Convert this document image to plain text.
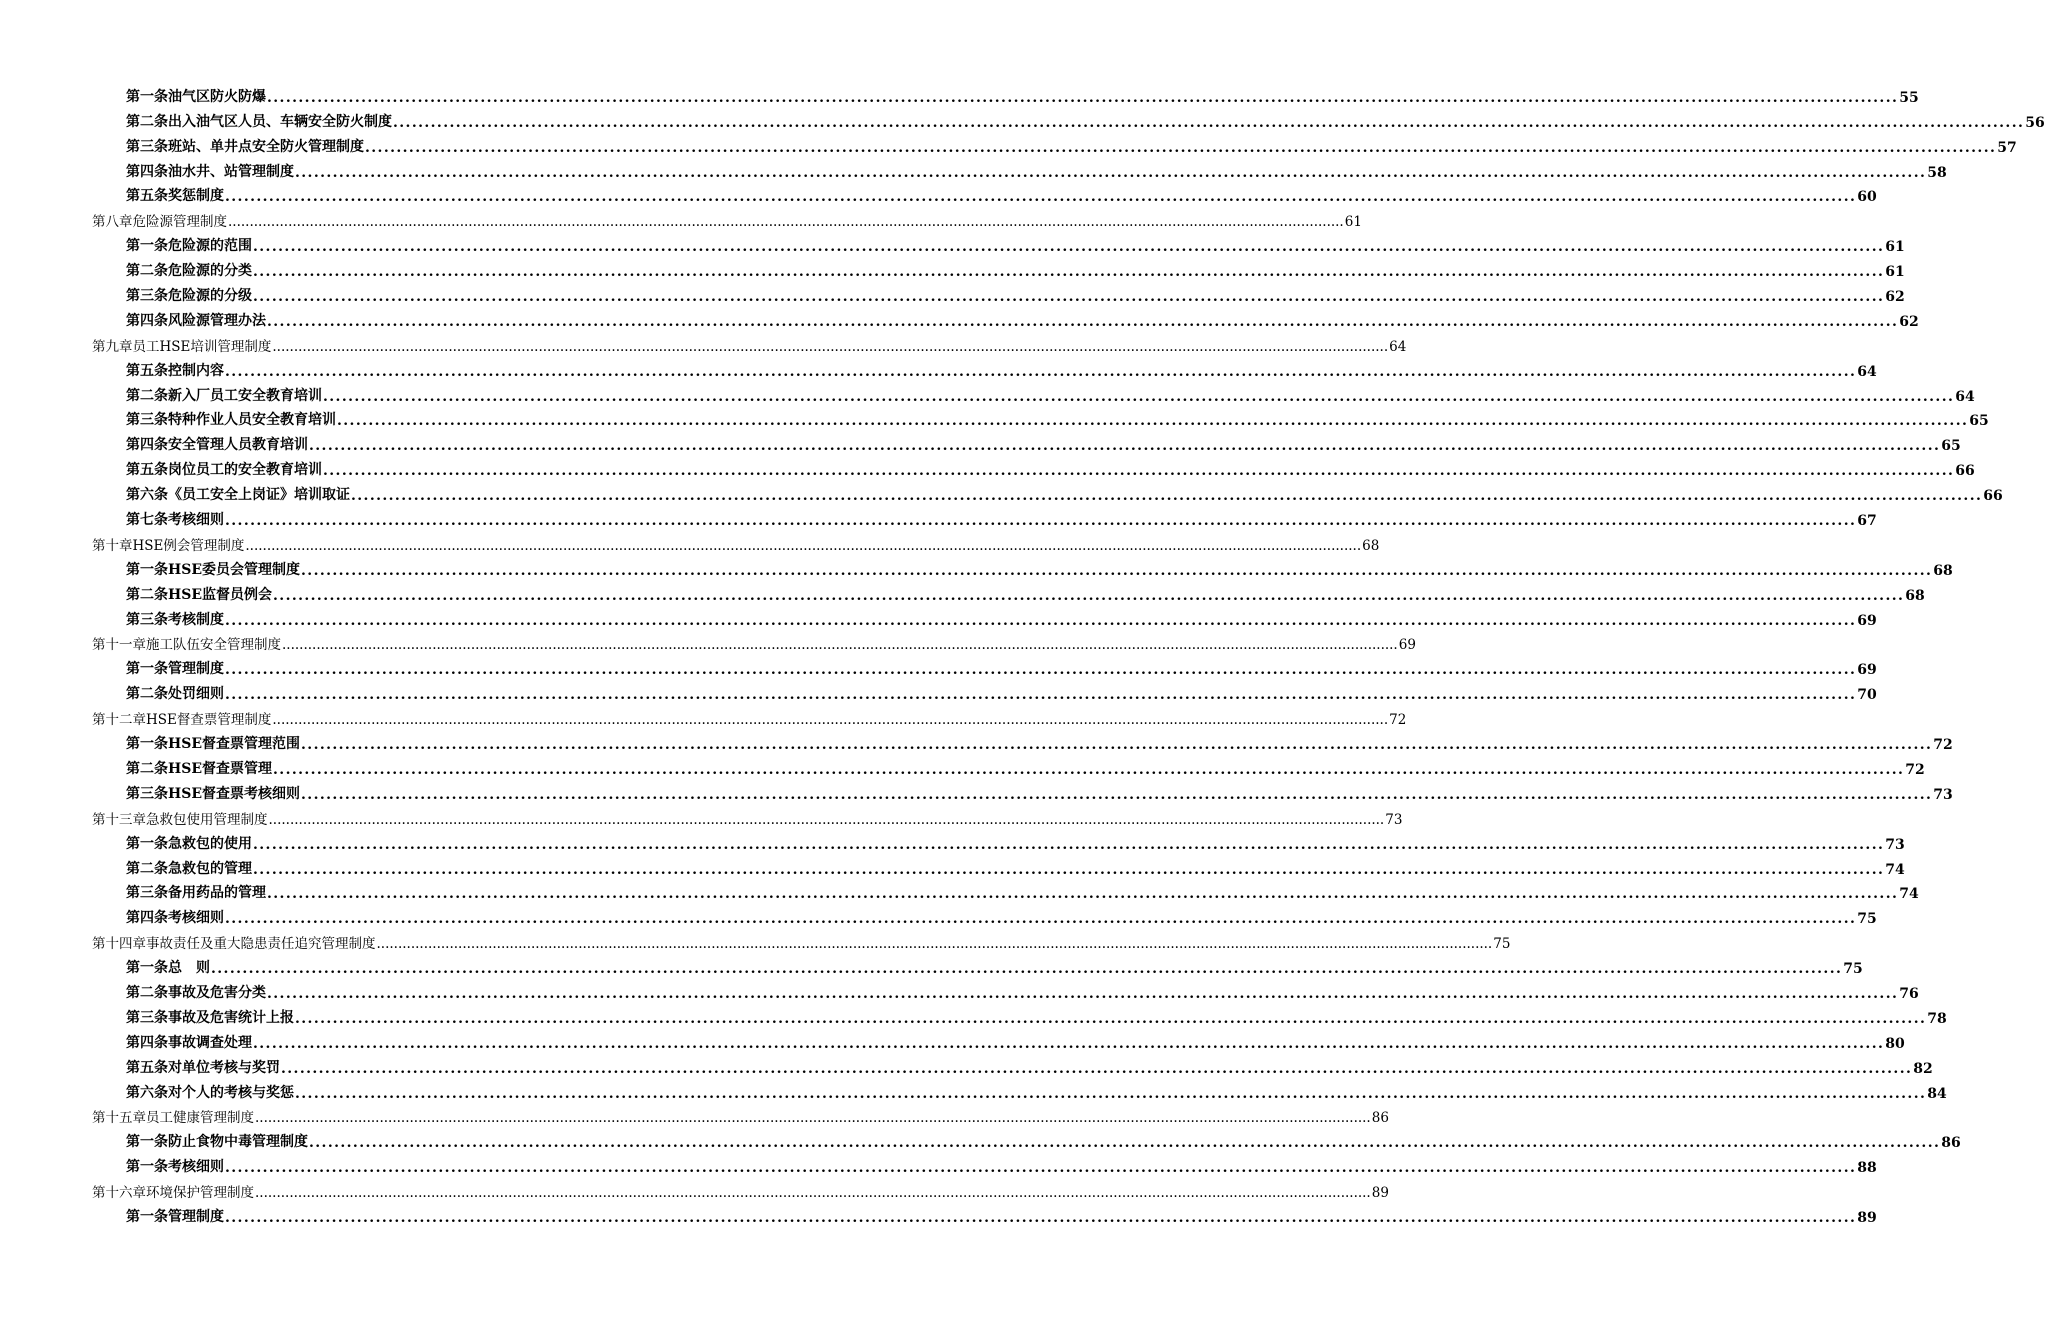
第一条 油气区防火防爆 .................................................................................................................................................................................................................................................................... 55
第二条 出入油气区人员、车辆安全防火制度 .................................................................................................................................................................................................................................................................... 56
第三条 班站、单井点安全防火管理制度 .................................................................................................................................................................................................................................................................... 57
第四条 油水井、站管理制度 .................................................................................................................................................................................................................................................................... 58
第五条 奖惩制度 .................................................................................................................................................................................................................................................................... 60
第八章 危险源管理制度 .................................................................................................................................................................................................................................................................... 61
第一条 危险源的范围 .................................................................................................................................................................................................................................................................... 61
第二条 危险源的分类 .................................................................................................................................................................................................................................................................... 61
第三条 危险源的分级 .................................................................................................................................................................................................................................................................... 62
第四条 风险源管理办法 .................................................................................................................................................................................................................................................................... 62
第九章 员工HSE培训管理制度 .................................................................................................................................................................................................................................................................... 64
第五条 控制内容 .................................................................................................................................................................................................................................................................... 64
第二条 新入厂员工安全教育培训 .................................................................................................................................................................................................................................................................... 64
第三条 特种作业人员安全教育培训 .................................................................................................................................................................................................................................................................... 65
第四条 安全管理人员教育培训 .................................................................................................................................................................................................................................................................... 65
第五条 岗位员工的安全教育培训 .................................................................................................................................................................................................................................................................... 66
第六条 《员工安全上岗证》培训取证 .................................................................................................................................................................................................................................................................... 66
第七条 考核细则 .................................................................................................................................................................................................................................................................... 67
第十章 HSE例会管理制度 .................................................................................................................................................................................................................................................................... 68
第一条 HSE委员会管理制度 .................................................................................................................................................................................................................................................................... 68
第二条 HSE监督员例会 .................................................................................................................................................................................................................................................................... 68
第三条 考核制度 .................................................................................................................................................................................................................................................................... 69
第十一章 施工队伍安全管理制度 .................................................................................................................................................................................................................................................................... 69
第一条 管理制度 .................................................................................................................................................................................................................................................................... 69
第二条 处罚细则 .................................................................................................................................................................................................................................................................... 70
第十二章 HSE督查票管理制度 .................................................................................................................................................................................................................................................................... 72
第一条 HSE督查票管理范围 .................................................................................................................................................................................................................................................................... 72
第二条 HSE督查票管理 .................................................................................................................................................................................................................................................................... 72
第三条 HSE督查票考核细则 .................................................................................................................................................................................................................................................................... 73
第十三章 急救包使用管理制度 .................................................................................................................................................................................................................................................................... 73
第一条 急救包的使用 .................................................................................................................................................................................................................................................................... 73
第二条 急救包的管理 .................................................................................................................................................................................................................................................................... 74
第三条 备用药品的管理 .................................................................................................................................................................................................................................................................... 74
第四条 考核细则 .................................................................................................................................................................................................................................................................... 75
第十四章 事故责任及重大隐患责任追究管理制度 .................................................................................................................................................................................................................................................................... 75
第一条 总　则 .................................................................................................................................................................................................................................................................... 75
第二条 事故及危害分类 .................................................................................................................................................................................................................................................................... 76
第三条 事故及危害统计上报 .................................................................................................................................................................................................................................................................... 78
第四条 事故调查处理 .................................................................................................................................................................................................................................................................... 80
第五条 对单位考核与奖罚 .................................................................................................................................................................................................................................................................... 82
第六条 对个人的考核与奖惩 .................................................................................................................................................................................................................................................................... 84
第十五章 员工健康管理制度 .................................................................................................................................................................................................................................................................... 86
第一条 防止食物中毒管理制度 .................................................................................................................................................................................................................................................................... 86
第一条 考核细则 .................................................................................................................................................................................................................................................................... 88
第十六章 环境保护管理制度 .................................................................................................................................................................................................................................................................... 89
第一条 管理制度 .................................................................................................................................................................................................................................................................... 89
